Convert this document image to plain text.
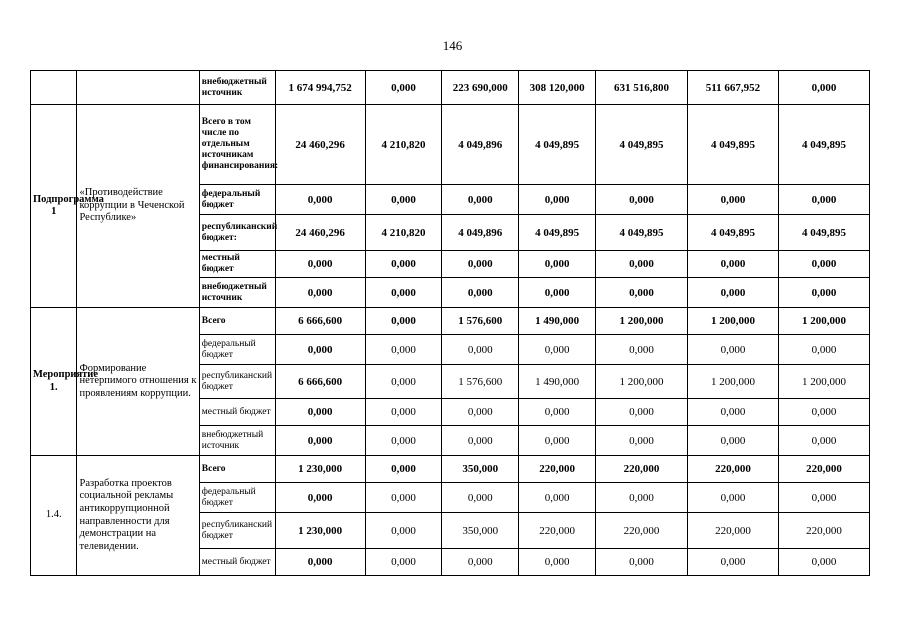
146
		внебюджетный источник	1 674 994,752	0,000	223 690,000	308 120,000	631 516,800	511 667,952	0,000
Подпрограмма 1	«Противодействие коррупции в Чеченской Республике»	Всего в том числе по отдельным источникам финансирования:	24 460,296	4 210,820	4 049,896	4 049,895	4 049,895	4 049,895	4 049,895
		федеральный бюджет	0,000	0,000	0,000	0,000	0,000	0,000	0,000
		республиканский бюджет:	24 460,296	4 210,820	4 049,896	4 049,895	4 049,895	4 049,895	4 049,895
		местный бюджет	0,000	0,000	0,000	0,000	0,000	0,000	0,000
		внебюджетный источник	0,000	0,000	0,000	0,000	0,000	0,000	0,000
Мероприятие 1.	Формирование нетерпимого отношения к проявлениям коррупции.	Всего	6 666,600	0,000	1 576,600	1 490,000	1 200,000	1 200,000	1 200,000
		федеральный бюджет	0,000	0,000	0,000	0,000	0,000	0,000	0,000
		республиканский бюджет	6 666,600	0,000	1 576,600	1 490,000	1 200,000	1 200,000	1 200,000
		местный бюджет	0,000	0,000	0,000	0,000	0,000	0,000	0,000
		внебюджетный источник	0,000	0,000	0,000	0,000	0,000	0,000	0,000
1.4.	Разработка проектов социальной рекламы антикоррупционной направленности для демонстрации на телевидении.	Всего	1 230,000	0,000	350,000	220,000	220,000	220,000	220,000
		федеральный бюджет	0,000	0,000	0,000	0,000	0,000	0,000	0,000
		республиканский бюджет	1 230,000	0,000	350,000	220,000	220,000	220,000	220,000
		местный бюджет	0,000	0,000	0,000	0,000	0,000	0,000	0,000
